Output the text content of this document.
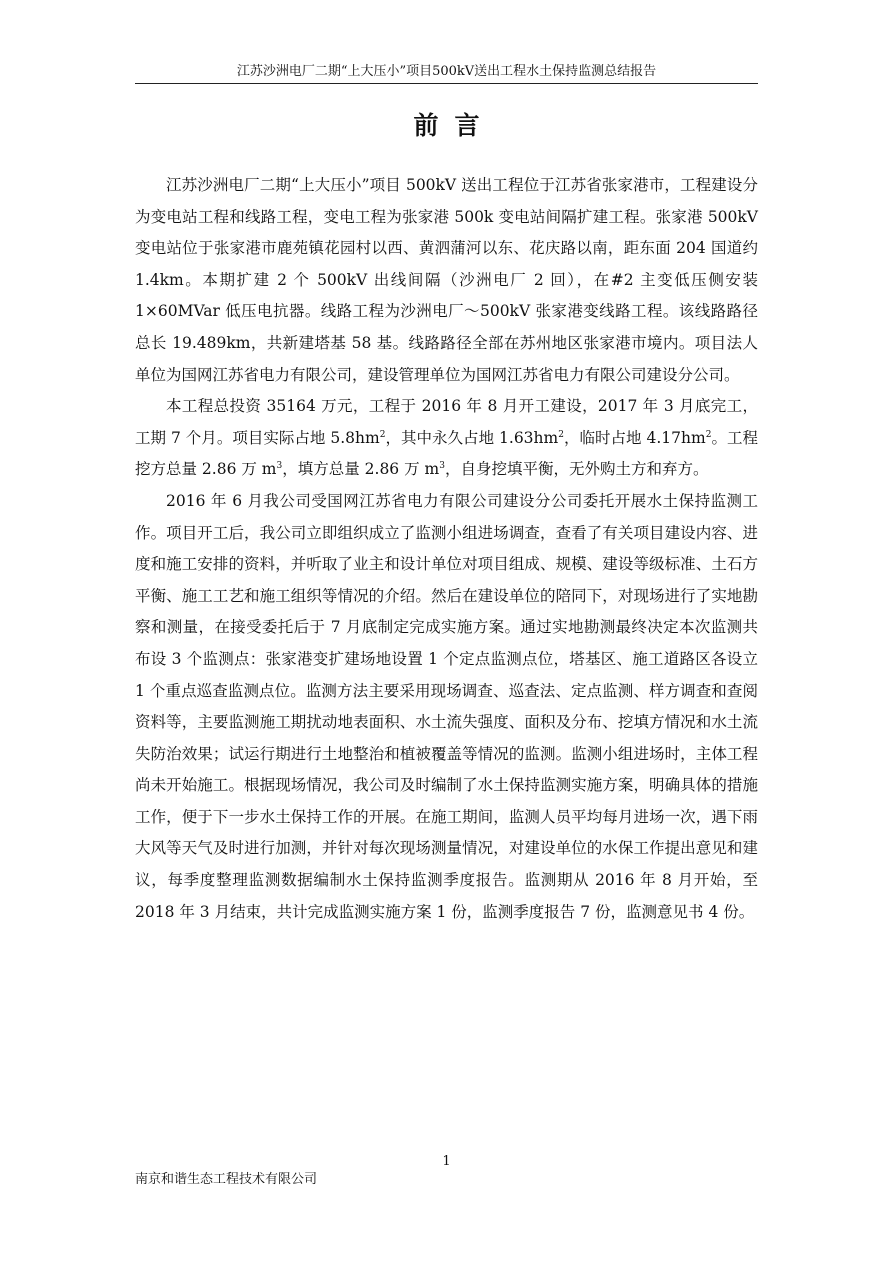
江苏沙洲电厂二期“上大压小”项目500kV送出工程水土保持监测总结报告
前言

江苏沙洲电厂二期“上大压小”项目 500kV 送出工程位于江苏省张家港市，工程建设分为变电站工程和线路工程，变电工程为张家港 500k 变电站间隔扩建工程。张家港 500kV 变电站位于张家港市鹿苑镇花园村以西、黄泗蒲河以东、花庆路以南，距东面 204 国道约 1.4km。本期扩建 2 个 500kV 出线间隔（沙洲电厂 2 回），在#2 主变低压侧安装 1×60MVar 低压电抗器。线路工程为沙洲电厂～500kV 张家港变线路工程。该线路路径总长 19.489km，共新建塔基 58 基。线路路径全部在苏州地区张家港市境内。项目法人单位为国网江苏省电力有限公司，建设管理单位为国网江苏省电力有限公司建设分公司。

本工程总投资 35164 万元，工程于 2016 年 8 月开工建设，2017 年 3 月底完工，工期 7 个月。项目实际占地 $5.8hm^2$，其中永久占地 $1.63hm^2$，临时占地 $4.17hm^2$。工程挖方总量 2.86 万 $m^3$，填方总量 2.86 万 $m^3$，自身挖填平衡，无外购土方和弃方。

2016 年 6 月我公司受国网江苏省电力有限公司建设分公司委托开展水土保持监测工作。项目开工后，我公司立即组织成立了监测小组进场调查，查看了有关项目建设内容、进度和施工安排的资料，并听取了业主和设计单位对项目组成、规模、建设等级标准、土石方平衡、施工工艺和施工组织等情况的介绍。然后在建设单位的陪同下，对现场进行了实地勘察和测量，在接受委托后于 7 月底制定完成实施方案。通过实地勘测最终决定本次监测共布设 3 个监测点：张家港变扩建场地设置 1 个定点监测点位，塔基区、施工道路区各设立 1 个重点巡查监测点位。监测方法主要采用现场调查、巡查法、定点监测、样方调查和查阅资料等，主要监测施工期扰动地表面积、水土流失强度、面积及分布、挖填方情况和水土流失防治效果；试运行期进行土地整治和植被覆盖等情况的监测。监测小组进场时，主体工程尚未开始施工。根据现场情况，我公司及时编制了水土保持监测实施方案，明确具体的措施工作，便于下一步水土保持工作的开展。在施工期间，监测人员平均每月进场一次，遇下雨大风等天气及时进行加测，并针对每次现场测量情况，对建设单位的水保工作提出意见和建议，每季度整理监测数据编制水土保持监测季度报告。监测期从 2016 年 8 月开始，至 2018 年 3 月结束，共计完成监测实施方案 1 份，监测季度报告 7 份，监测意见书 4 份。

1
南京和谐生态工程技术有限公司
